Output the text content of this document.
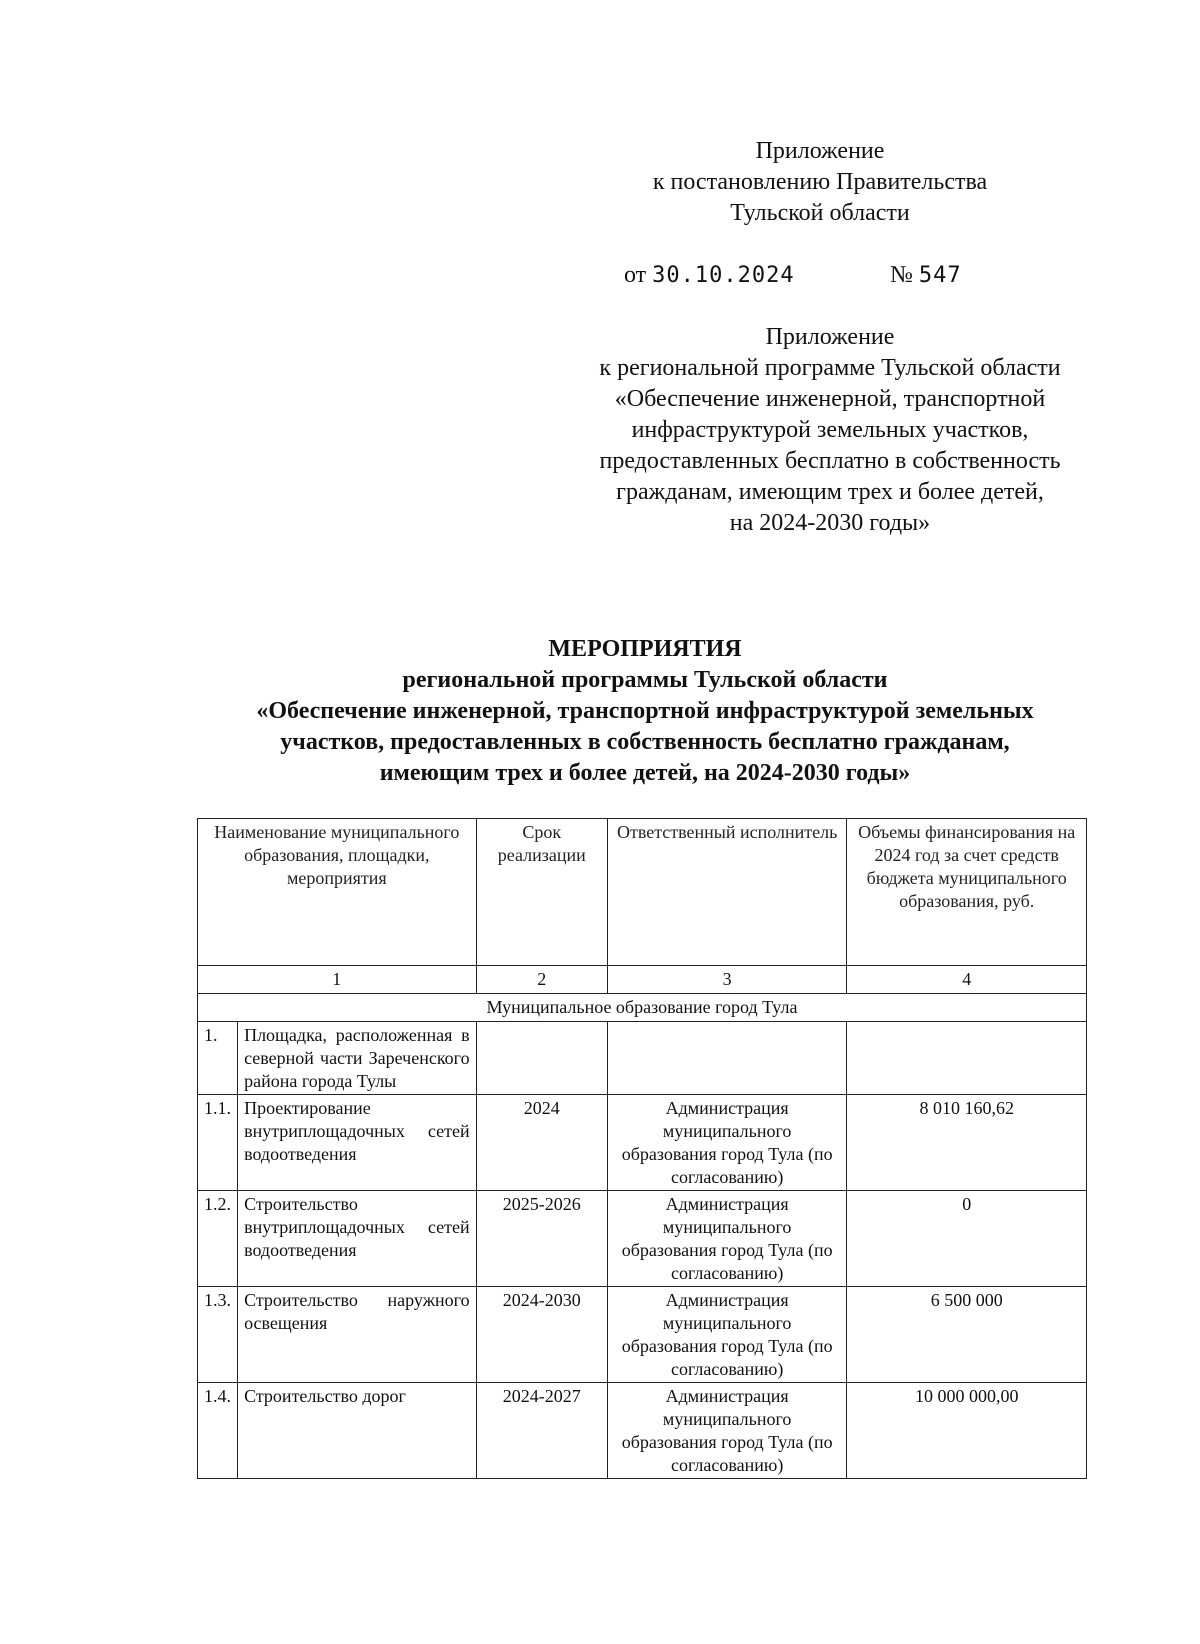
Приложение
к постановлению Правительства
Тульской области
от 30.10.2024	№ 547
Приложение
к региональной программе Тульской области
«Обеспечение инженерной, транспортной
инфраструктурой земельных участков,
предоставленных бесплатно в собственность
гражданам, имеющим трех и более детей,
на 2024-2030 годы»
МЕРОПРИЯТИЯ
региональной программы Тульской области
«Обеспечение инженерной, транспортной инфраструктурой земельных
участков, предоставленных в собственность бесплатно гражданам,
имеющим трех и более детей, на 2024-2030 годы»
Наименование муниципального образования, площадки, мероприятия		Срок реализации	Ответственный исполнитель	Объемы финансирования на 2024 год за счет средств бюджета муниципального образования, руб.
1		2	3	4
Муниципальное образование город Тула				
1.	Площадка, расположенная в северной части Зареченского района города Тулы			
1.1.	Проектирование внутриплощадочных сетей водоотведения	2024	Администрация муниципального образования город Тула (по согласованию)	8 010 160,62
1.2.	Строительство внутриплощадочных сетей водоотведения	2025-2026	Администрация муниципального образования город Тула (по согласованию)	0
1.3.	Строительство наружного освещения	2024-2030	Администрация муниципального образования город Тула (по согласованию)	6 500 000
1.4.	Строительство дорог	2024-2027	Администрация муниципального образования город Тула (по согласованию)	10 000 000,00
